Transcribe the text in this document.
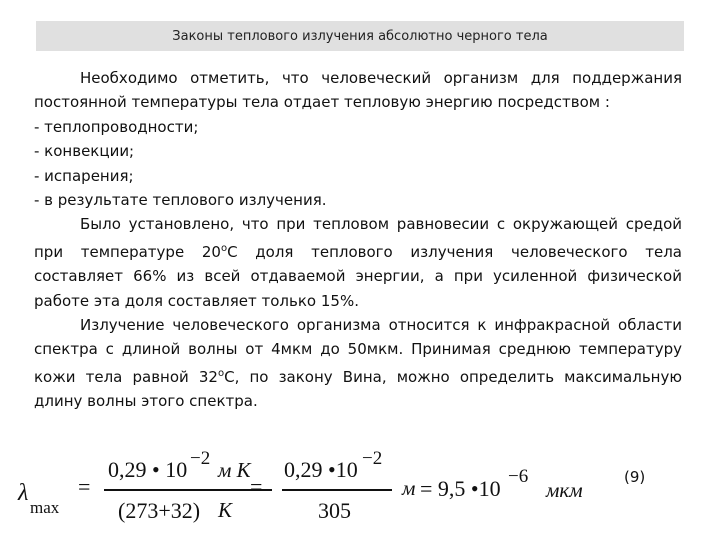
Законы теплового излучения абсолютно черного тела

Необходимо отметить, что человеческий организм для поддержания постоянной температуры тела отдает тепловую энергию посредством :

- теплопроводности;

- конвекции;

- испарения;

- в результате теплового излучения.

Было установлено, что при тепловом равновесии с окружающей средой при температуре 20$^o$С доля теплового излучения человеческого тела составляет 66% из всей отдаваемой энергии, а при усиленной физической работе эта доля составляет только 15%.

Излучение человеческого организма относится к инфракрасной области спектра с длиной волны от 4мкм до 50мкм. Принимая среднюю температуру кожи тела равной $32^оС$, по закону Вина, можно определить максимальную длину волны этого спектра.

λ
max
=
0,29 • 10 −2 м К
(273+32) К
=
0,29 •10 −2
305
м = 9,5 •10 −6
мкм
(9)
